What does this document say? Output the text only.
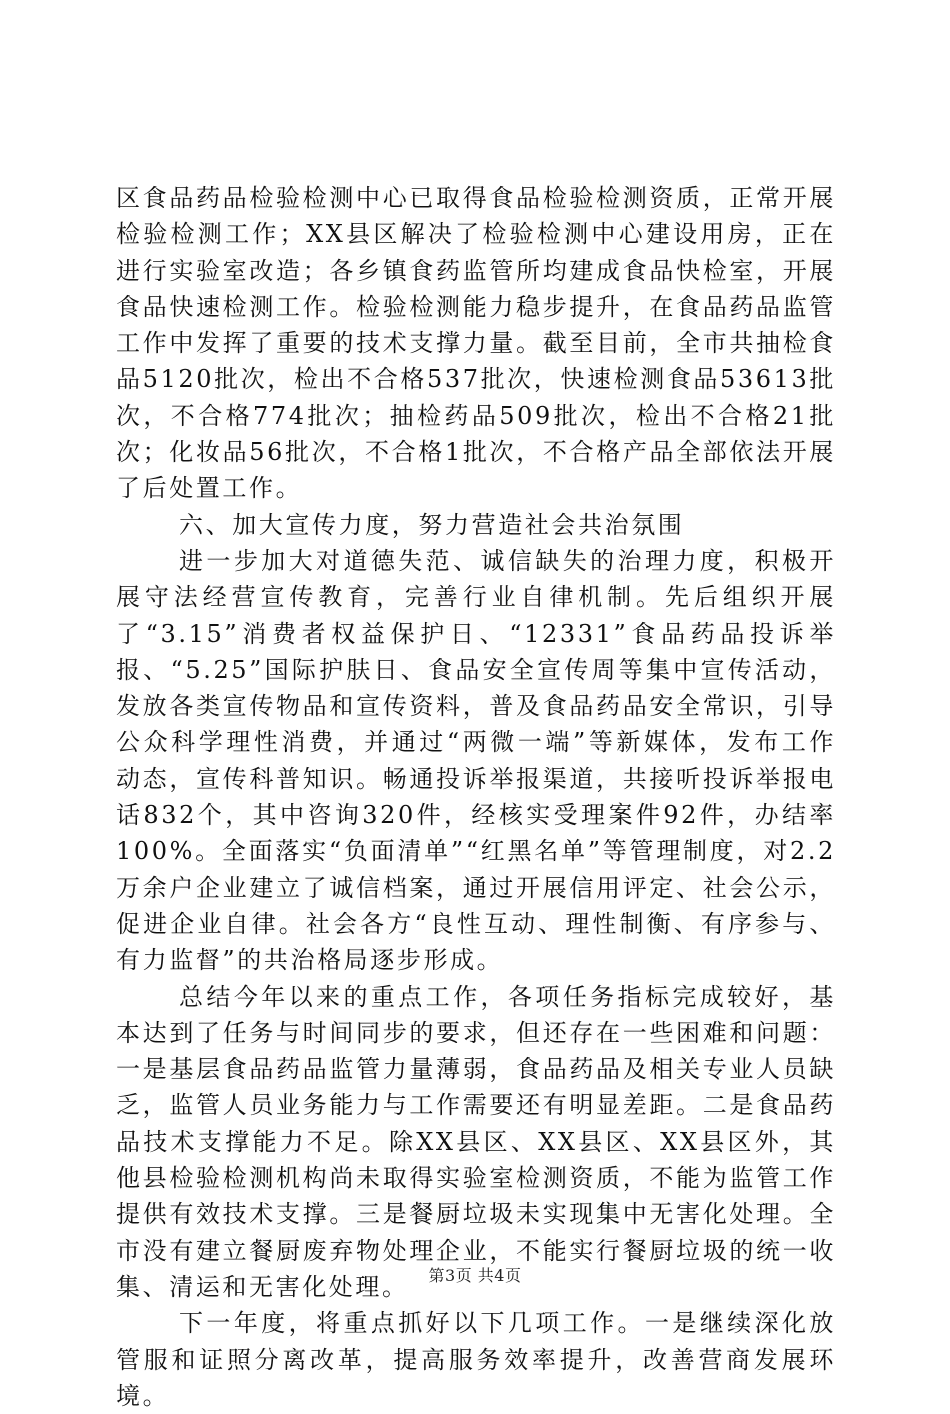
区食品药品检验检测中心已取得食品检验检测资质，正常开展检验检测工作；XX县区解决了检验检测中心建设用房，正在进行实验室改造；各乡镇食药监管所均建成食品快检室，开展食品快速检测工作。检验检测能力稳步提升，在食品药品监管工作中发挥了重要的技术支撑力量。截至目前，全市共抽检食品5120批次，检出不合格537批次，快速检测食品53613批次，不合格774批次；抽检药品509批次，检出不合格21批次；化妆品56批次，不合格1批次，不合格产品全部依法开展了后处置工作。

六、加大宣传力度，努力营造社会共治氛围

进一步加大对道德失范、诚信缺失的治理力度，积极开展守法经营宣传教育，完善行业自律机制。先后组织开展了“3.15”消费者权益保护日、“12331”食品药品投诉举报、“5.25”国际护肤日、食品安全宣传周等集中宣传活动，发放各类宣传物品和宣传资料，普及食品药品安全常识，引导公众科学理性消费，并通过“两微一端”等新媒体，发布工作动态，宣传科普知识。畅通投诉举报渠道，共接听投诉举报电话832个，其中咨询320件，经核实受理案件92件，办结率100%。全面落实“负面清单”“红黑名单”等管理制度，对2.2万余户企业建立了诚信档案，通过开展信用评定、社会公示，促进企业自律。社会各方“良性互动、理性制衡、有序参与、有力监督”的共治格局逐步形成。

总结今年以来的重点工作，各项任务指标完成较好，基本达到了任务与时间同步的要求，但还存在一些困难和问题：一是基层食品药品监管力量薄弱，食品药品及相关专业人员缺乏，监管人员业务能力与工作需要还有明显差距。二是食品药品技术支撑能力不足。除XX县区、XX县区、XX县区外，其他县检验检测机构尚未取得实验室检测资质，不能为监管工作提供有效技术支撑。三是餐厨垃圾未实现集中无害化处理。全市没有建立餐厨废弃物处理企业，不能实行餐厨垃圾的统一收集、清运和无害化处理。

下一年度，将重点抓好以下几项工作。一是继续深化放管服和证照分离改革，提高服务效率提升，改善营商发展环境。

第3页 共4页
